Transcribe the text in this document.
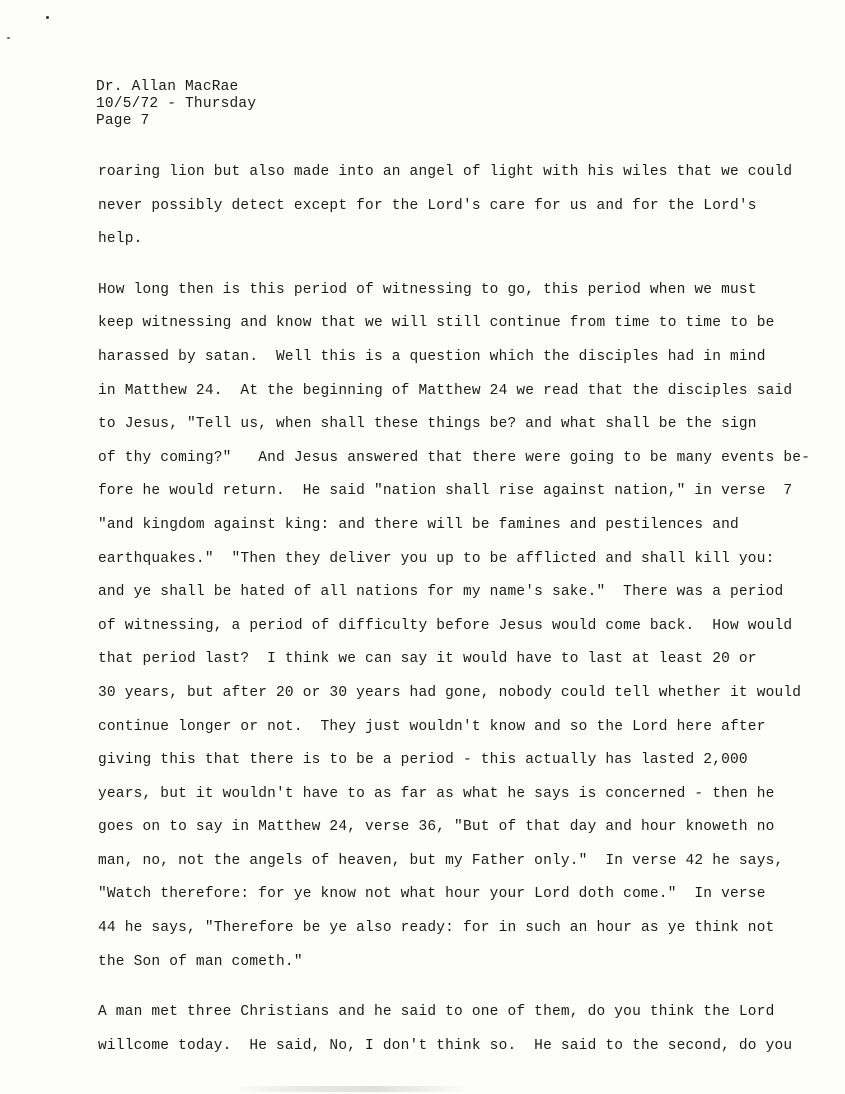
Dr. Allan MacRae
10/5/72 - Thursday
Page 7
roaring lion but also made into an angel of light with his wiles that we could
never possibly detect except for the Lord's care for us and for the Lord's
help.
How long then is this period of witnessing to go, this period when we must
keep witnessing and know that we will still continue from time to time to be
harassed by satan.  Well this is a question which the disciples had in mind
in Matthew 24.  At the beginning of Matthew 24 we read that the disciples said
to Jesus, "Tell us, when shall these things be? and what shall be the sign
of thy coming?"   And Jesus answered that there were going to be many events be-
fore he would return.  He said "nation shall rise against nation," in verse  7
"and kingdom against king: and there will be famines and pestilences and
earthquakes."  "Then they deliver you up to be afflicted and shall kill you:
and ye shall be hated of all nations for my name's sake."  There was a period
of witnessing, a period of difficulty before Jesus would come back.  How would
that period last?  I think we can say it would have to last at least 20 or
30 years, but after 20 or 30 years had gone, nobody could tell whether it would
continue longer or not.  They just wouldn't know and so the Lord here after
giving this that there is to be a period - this actually has lasted 2,000
years, but it wouldn't have to as far as what he says is concerned - then he
goes on to say in Matthew 24, verse 36, "But of that day and hour knoweth no
man, no, not the angels of heaven, but my Father only."  In verse 42 he says,
"Watch therefore: for ye know not what hour your Lord doth come."  In verse
44 he says, "Therefore be ye also ready: for in such an hour as ye think not
the Son of man cometh."
A man met three Christians and he said to one of them, do you think the Lord
willcome today.  He said, No, I don't think so.  He said to the second, do you
